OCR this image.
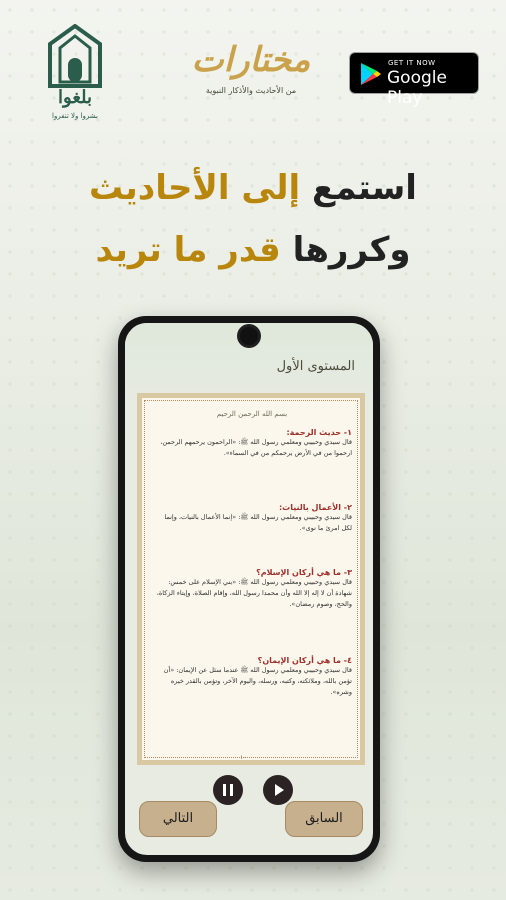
بلغوا
بشروا ولا تنفروا
مختارات
من الأحاديث والأذكار النبوية
GET IT NOW
Google Play
استمع إلى الأحاديث
وكررها قدر ما تريد
المستوى الأول
بسم الله الرحمن الرحيم
١- حديث الرحمة:
قال سيدي وحبيبي ومعلمي رسول الله ﷺ: «الراحمون يرحمهم الرحمن، ارحموا من في الأرض يرحمكم من في السماء».
٢- الأعمال بالنيات:
قال سيدي وحبيبي ومعلمي رسول الله ﷺ: «إنما الأعمال بالنيات، وإنما لكل امرئ ما نوى».
٣- ما هي أركان الإسلام؟
قال سيدي وحبيبي ومعلمي رسول الله ﷺ: «بني الإسلام على خمس: شهادة أن لا إله إلا الله وأن محمدا رسول الله، وإقام الصلاة، وإيتاء الزكاة، والحج، وصوم رمضان».
٤- ما هي أركان الإيمان؟
قال سيدي وحبيبي ومعلمي رسول الله ﷺ عندما سئل عن الإيمان: «أن تؤمن بالله، وملائكته، وكتبه، ورسله، واليوم الآخر، وتؤمن بالقدر خيره وشره».
١٠
التالي	السابق
